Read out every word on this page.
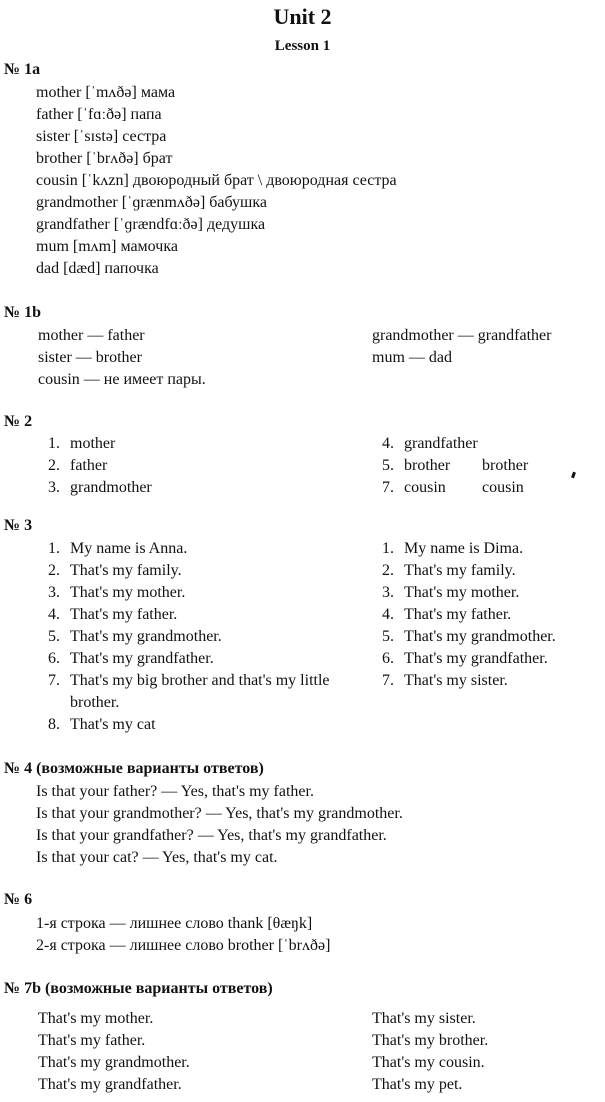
Unit 2
Lesson 1
№ 1a
mother [ˈmʌðə] мама
father [ˈfɑːðə] папа
sister [ˈsɪstə] сестра
brother [ˈbrʌðə] брат
cousin [ˈkʌzn] двоюродный брат \ двоюродная сестра
grandmother [ˈɡrænmʌðə] бабушка
grandfather [ˈɡrændfɑːðə] дедушка
mum [mʌm] мамочка
dad [dæd] папочка
№ 1b
mother — father
sister — brother
cousin — не имеет пары.
grandmother — grandfather
mum — dad
№ 2
1. mother
2. father
3. grandmother
4. grandfather
5. brother brother
7. cousin cousin
№ 3
1. My name is Anna.
2. That's my family.
3. That's my mother.
4. That's my father.
5. That's my grandmother.
6. That's my grandfather.
7. That's my big brother and that's my little brother.
8. That's my cat
1. My name is Dima.
2. That's my family.
3. That's my mother.
4. That's my father.
5. That's my grandmother.
6. That's my grandfather.
7. That's my sister.
№ 4 (возможные варианты ответов)
Is that your father? — Yes, that's my father.
Is that your grandmother? — Yes, that's my grandmother.
Is that your grandfather? — Yes, that's my grandfather.
Is that your cat? — Yes, that's my cat.
№ 6
1-я строка — лишнее слово thank [θæŋk]
2-я строка — лишнее слово brother [ˈbrʌðə]
№ 7b (возможные варианты ответов)
That's my mother.
That's my father.
That's my grandmother.
That's my grandfather.
That's my sister.
That's my brother.
That's my cousin.
That's my pet.
